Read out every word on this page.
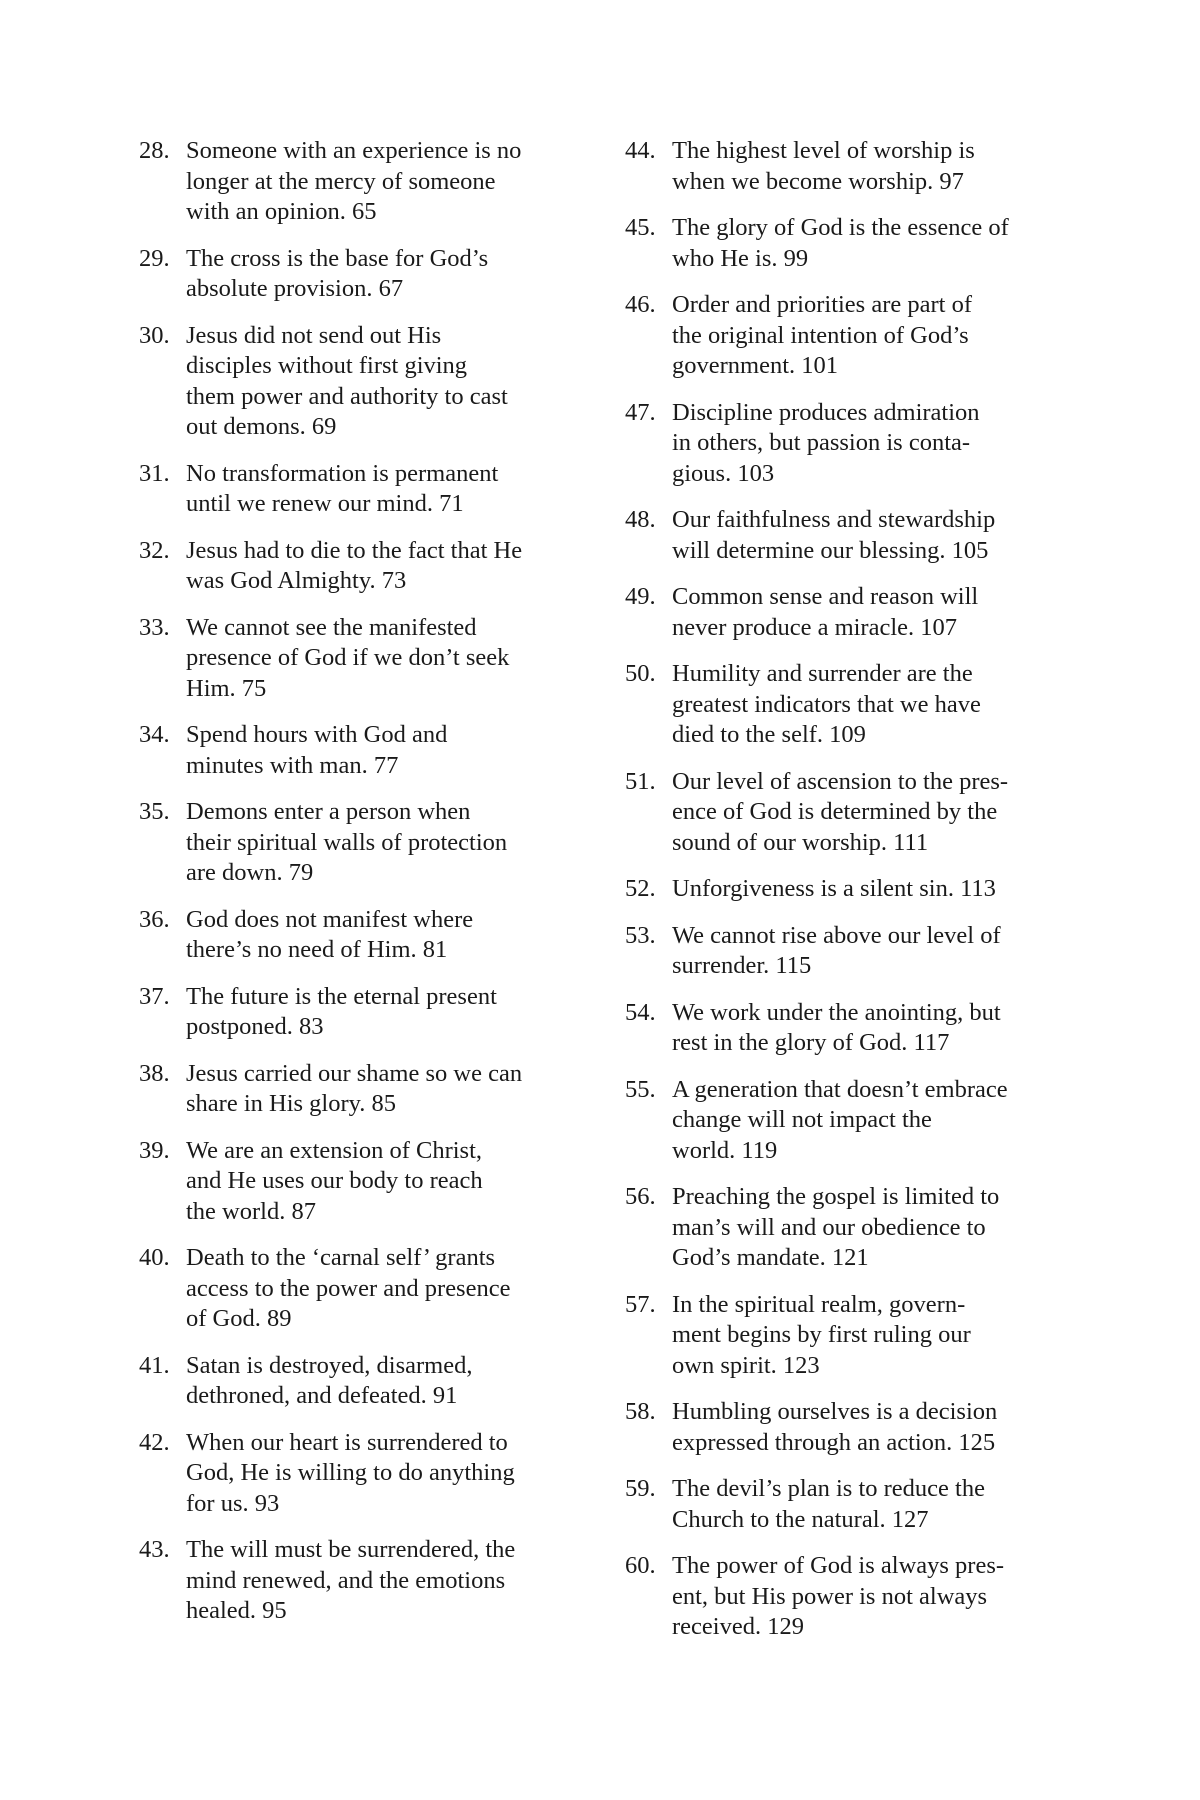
28. Someone with an experience is no
longer at the mercy of someone
with an opinion. 65
29. The cross is the base for God’s
absolute provision. 67
30. Jesus did not send out His
disciples without first giving
them power and authority to cast
out demons. 69
31. No transformation is permanent
until we renew our mind. 71
32. Jesus had to die to the fact that He
was God Almighty. 73
33. We cannot see the manifested
presence of God if we don’t seek
Him. 75
34. Spend hours with God and
minutes with man. 77
35. Demons enter a person when
their spiritual walls of protection
are down. 79
36. God does not manifest where
there’s no need of Him. 81
37. The future is the eternal present
postponed. 83
38. Jesus carried our shame so we can
share in His glory. 85
39. We are an extension of Christ,
and He uses our body to reach
the world. 87
40. Death to the ‘carnal self’ grants
access to the power and presence
of God. 89
41. Satan is destroyed, disarmed,
dethroned, and defeated. 91
42. When our heart is surrendered to
God, He is willing to do anything
for us. 93
43. The will must be surrendered, the
mind renewed, and the emotions
healed. 95
44. The highest level of worship is
when we become worship. 97
45. The glory of God is the essence of
who He is. 99
46. Order and priorities are part of
the original intention of God’s
government. 101
47. Discipline produces admiration
in others, but passion is conta-
gious. 103
48. Our faithfulness and stewardship
will determine our blessing. 105
49. Common sense and reason will
never produce a miracle. 107
50. Humility and surrender are the
greatest indicators that we have
died to the self. 109
51. Our level of ascension to the pres-
ence of God is determined by the
sound of our worship. 111
52. Unforgiveness is a silent sin. 113
53. We cannot rise above our level of
surrender. 115
54. We work under the anointing, but
rest in the glory of God. 117
55. A generation that doesn’t embrace
change will not impact the
world. 119
56. Preaching the gospel is limited to
man’s will and our obedience to
God’s mandate. 121
57. In the spiritual realm, govern-
ment begins by first ruling our
own spirit. 123
58. Humbling ourselves is a decision
expressed through an action. 125
59. The devil’s plan is to reduce the
Church to the natural. 127
60. The power of God is always pres-
ent, but His power is not always
received. 129
